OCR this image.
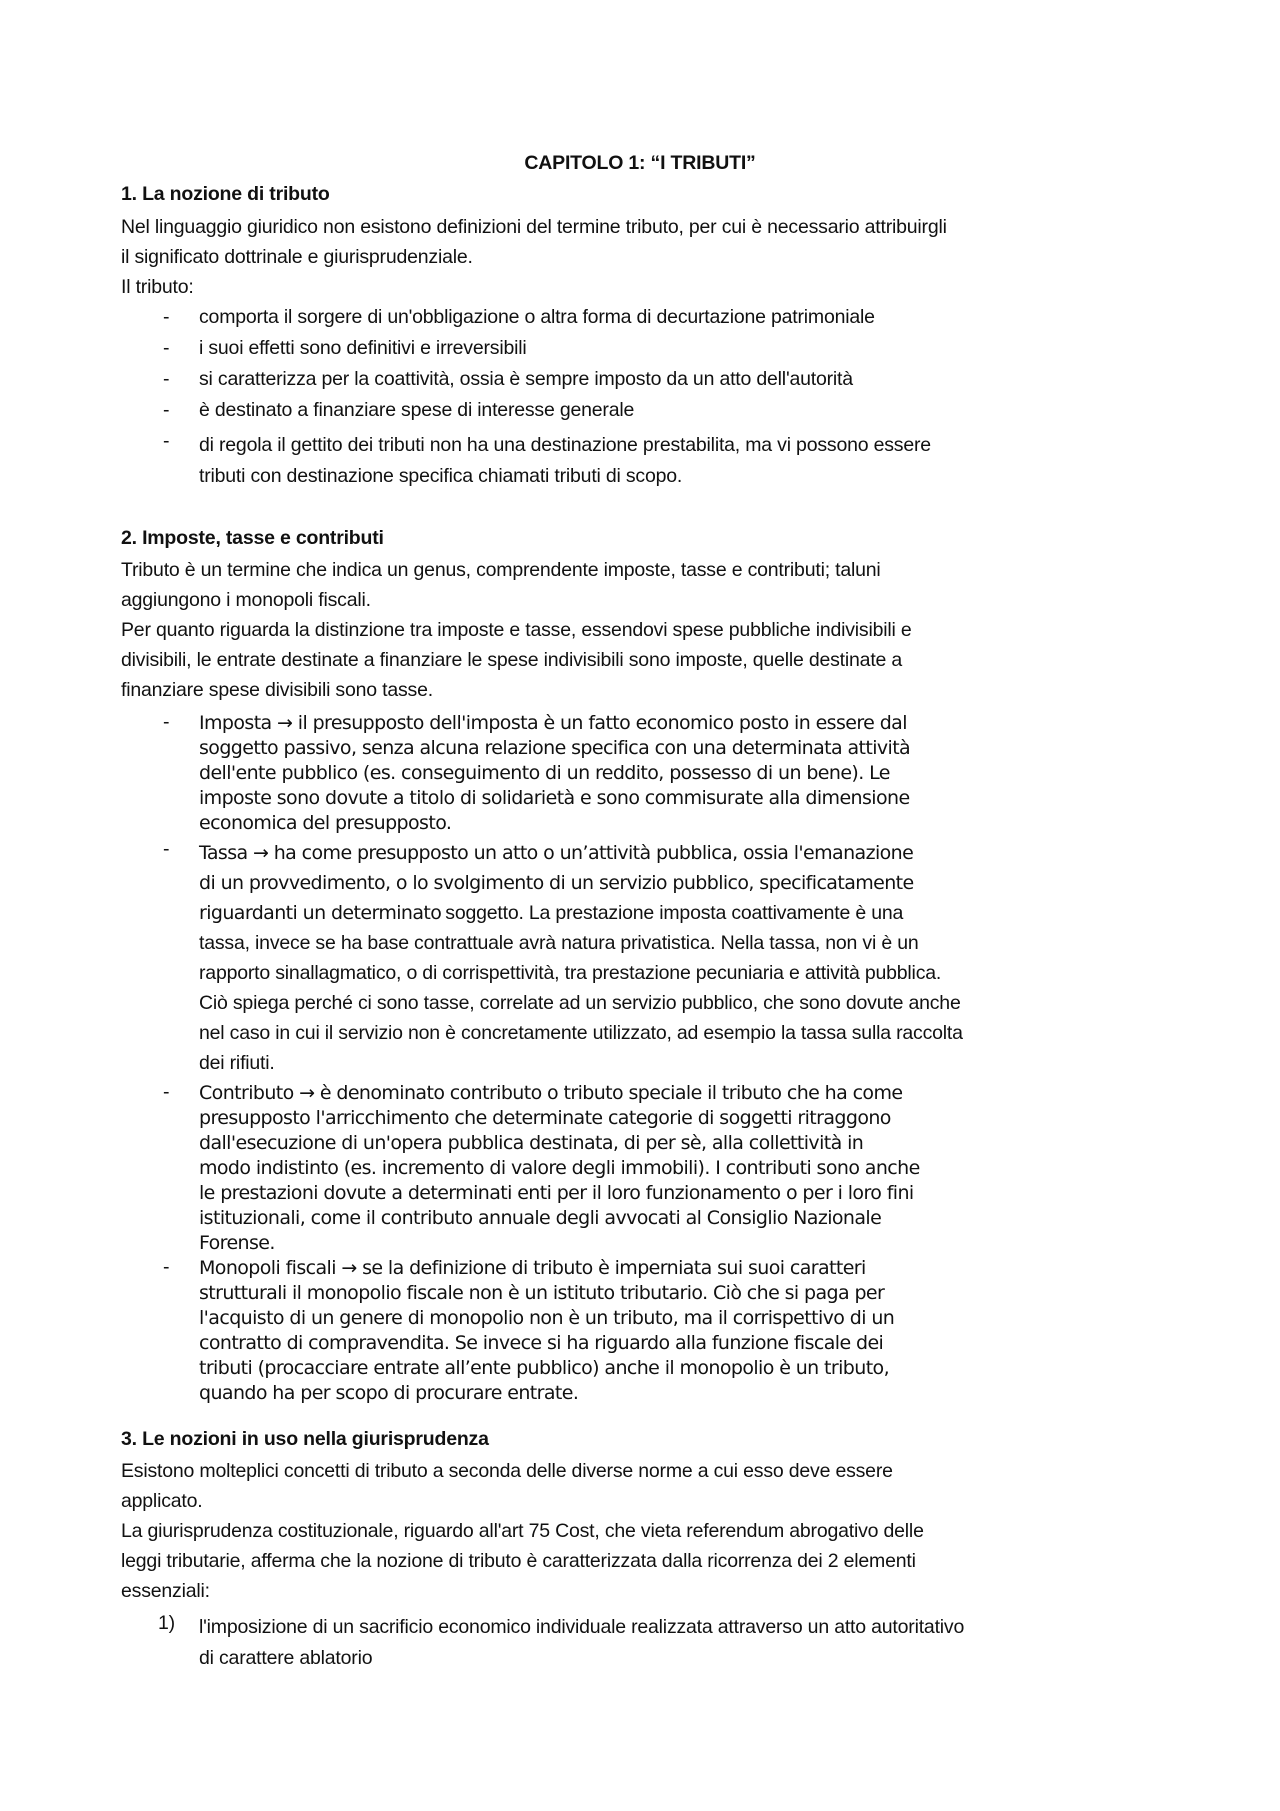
CAPITOLO 1: “I TRIBUTI”
1. La nozione di tributo
Nel linguaggio giuridico non esistono definizioni del termine tributo, per cui è necessario attribuirgli
il significato dottrinale e giurisprudenziale.
Il tributo:
- comporta il sorgere di un'obbligazione o altra forma di decurtazione patrimoniale
- i suoi effetti sono definitivi e irreversibili
- si caratterizza per la coattività, ossia è sempre imposto da un atto dell'autorità
- è destinato a finanziare spese di interesse generale
- di regola il gettito dei tributi non ha una destinazione prestabilita, ma vi possono essere
tributi con destinazione specifica chiamati tributi di scopo.
2. Imposte, tasse e contributi
Tributo è un termine che indica un genus, comprendente imposte, tasse e contributi; taluni
aggiungono i monopoli fiscali.
Per quanto riguarda la distinzione tra imposte e tasse, essendovi spese pubbliche indivisibili e
divisibili, le entrate destinate a finanziare le spese indivisibili sono imposte, quelle destinate a
finanziare spese divisibili sono tasse.
- Imposta → il presupposto dell'imposta è un fatto economico posto in essere dal
soggetto passivo, senza alcuna relazione specifica con una determinata attività
dell'ente pubblico (es. conseguimento di un reddito, possesso di un bene). Le
imposte sono dovute a titolo di solidarietà e sono commisurate alla dimensione
economica del presupposto.
- Tassa → ha come presupposto un atto o un’attività pubblica, ossia l'emanazione
di un provvedimento, o lo svolgimento di un servizio pubblico, specificatamente
riguardanti un determinato soggetto. La prestazione imposta coattivamente è una
tassa, invece se ha base contrattuale avrà natura privatistica. Nella tassa, non vi è un
rapporto sinallagmatico, o di corrispettività, tra prestazione pecuniaria e attività pubblica.
Ciò spiega perché ci sono tasse, correlate ad un servizio pubblico, che sono dovute anche
nel caso in cui il servizio non è concretamente utilizzato, ad esempio la tassa sulla raccolta
dei rifiuti.
- Contributo → è denominato contributo o tributo speciale il tributo che ha come
presupposto l'arricchimento che determinate categorie di soggetti ritraggono
dall'esecuzione di un'opera pubblica destinata, di per sè, alla collettività in
modo indistinto (es. incremento di valore degli immobili). I contributi sono anche
le prestazioni dovute a determinati enti per il loro funzionamento o per i loro fini
istituzionali, come il contributo annuale degli avvocati al Consiglio Nazionale
Forense.
- Monopoli fiscali → se la definizione di tributo è imperniata sui suoi caratteri
strutturali il monopolio fiscale non è un istituto tributario. Ciò che si paga per
l'acquisto di un genere di monopolio non è un tributo, ma il corrispettivo di un
contratto di compravendita. Se invece si ha riguardo alla funzione fiscale dei
tributi (procacciare entrate all’ente pubblico) anche il monopolio è un tributo,
quando ha per scopo di procurare entrate.
3. Le nozioni in uso nella giurisprudenza
Esistono molteplici concetti di tributo a seconda delle diverse norme a cui esso deve essere
applicato.
La giurisprudenza costituzionale, riguardo all'art 75 Cost, che vieta referendum abrogativo delle
leggi tributarie, afferma che la nozione di tributo è caratterizzata dalla ricorrenza dei 2 elementi
essenziali:
1) l'imposizione di un sacrificio economico individuale realizzata attraverso un atto autoritativo
di carattere ablatorio
